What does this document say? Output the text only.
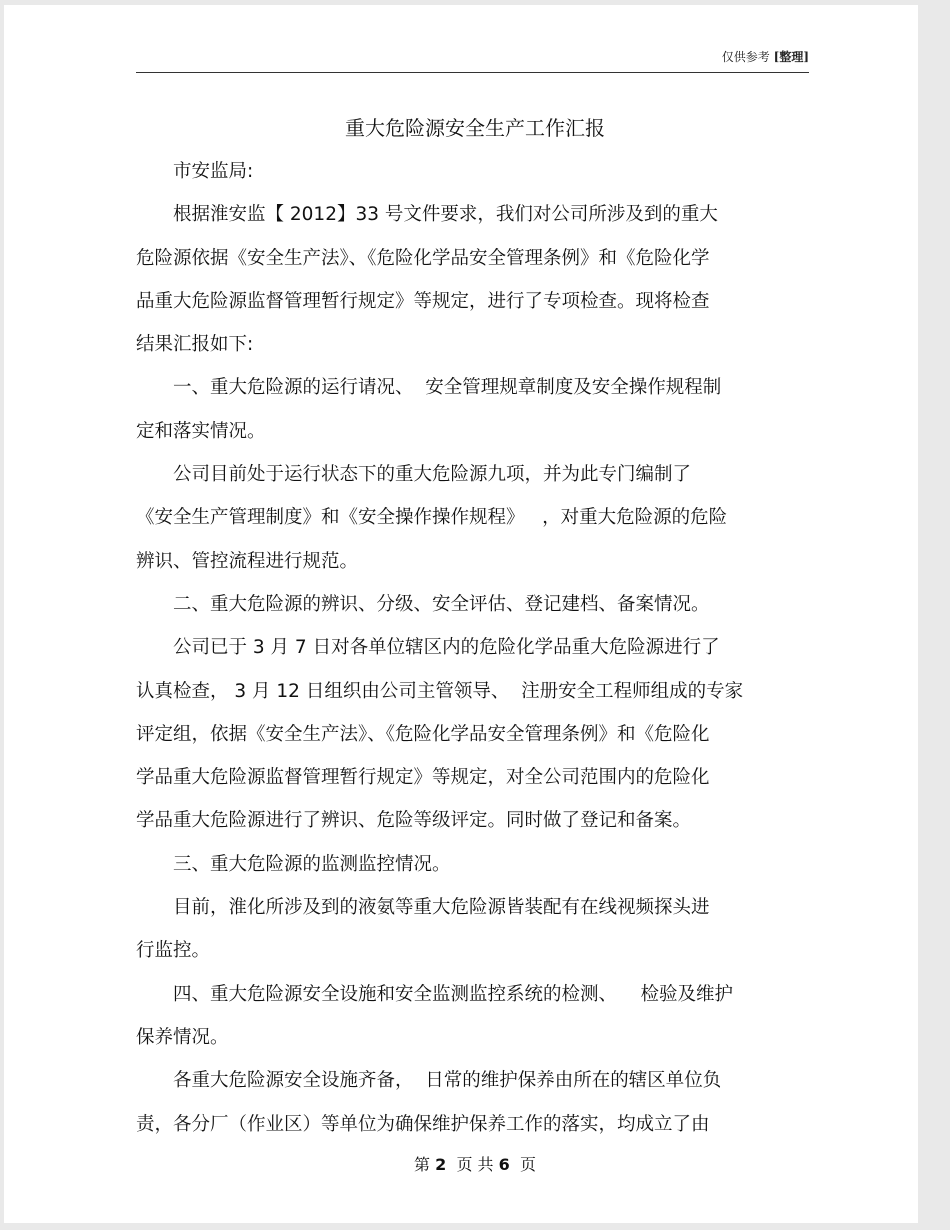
仅供参考 [整理]
重大危险源安全生产工作汇报

市安监局:

根据淮安监【 2012】33 号文件要求，我们对公司所涉及到的重大

危险源依据《安全生产法》、《危险化学品安全管理条例》和《危险化学

品重大危险源监督管理暂行规定》等规定，进行了专项检查。现将检查

结果汇报如下:

一、重大危险源的运行请况、  安全管理规章制度及安全操作规程制

定和落实情况。

公司目前处于运行状态下的重大危险源九项，并为此专门编制了

《安全生产管理制度》和《安全操作操作规程》   ，对重大危险源的危险

辨识、管控流程进行规范。

二、重大危险源的辨识、分级、安全评估、登记建档、备案情况。

公司已于 3 月 7 日对各单位辖区内的危险化学品重大危险源进行了

认真检查， 3 月 12 日组织由公司主管领导、  注册安全工程师组成的专家

评定组，依据《安全生产法》、《危险化学品安全管理条例》和《危险化

学品重大危险源监督管理暂行规定》等规定，对全公司范围内的危险化

学品重大危险源进行了辨识、危险等级评定。同时做了登记和备案。

三、重大危险源的监测监控情况。

目前，淮化所涉及到的液氨等重大危险源皆装配有在线视频探头进

行监控。

四、重大危险源安全设施和安全监测监控系统的检测、    检验及维护

保养情况。

各重大危险源安全设施齐备，  日常的维护保养由所在的辖区单位负

责，各分厂（作业区）等单位为确保维护保养工作的落实，均成立了由

第 2 页 共 6 页
